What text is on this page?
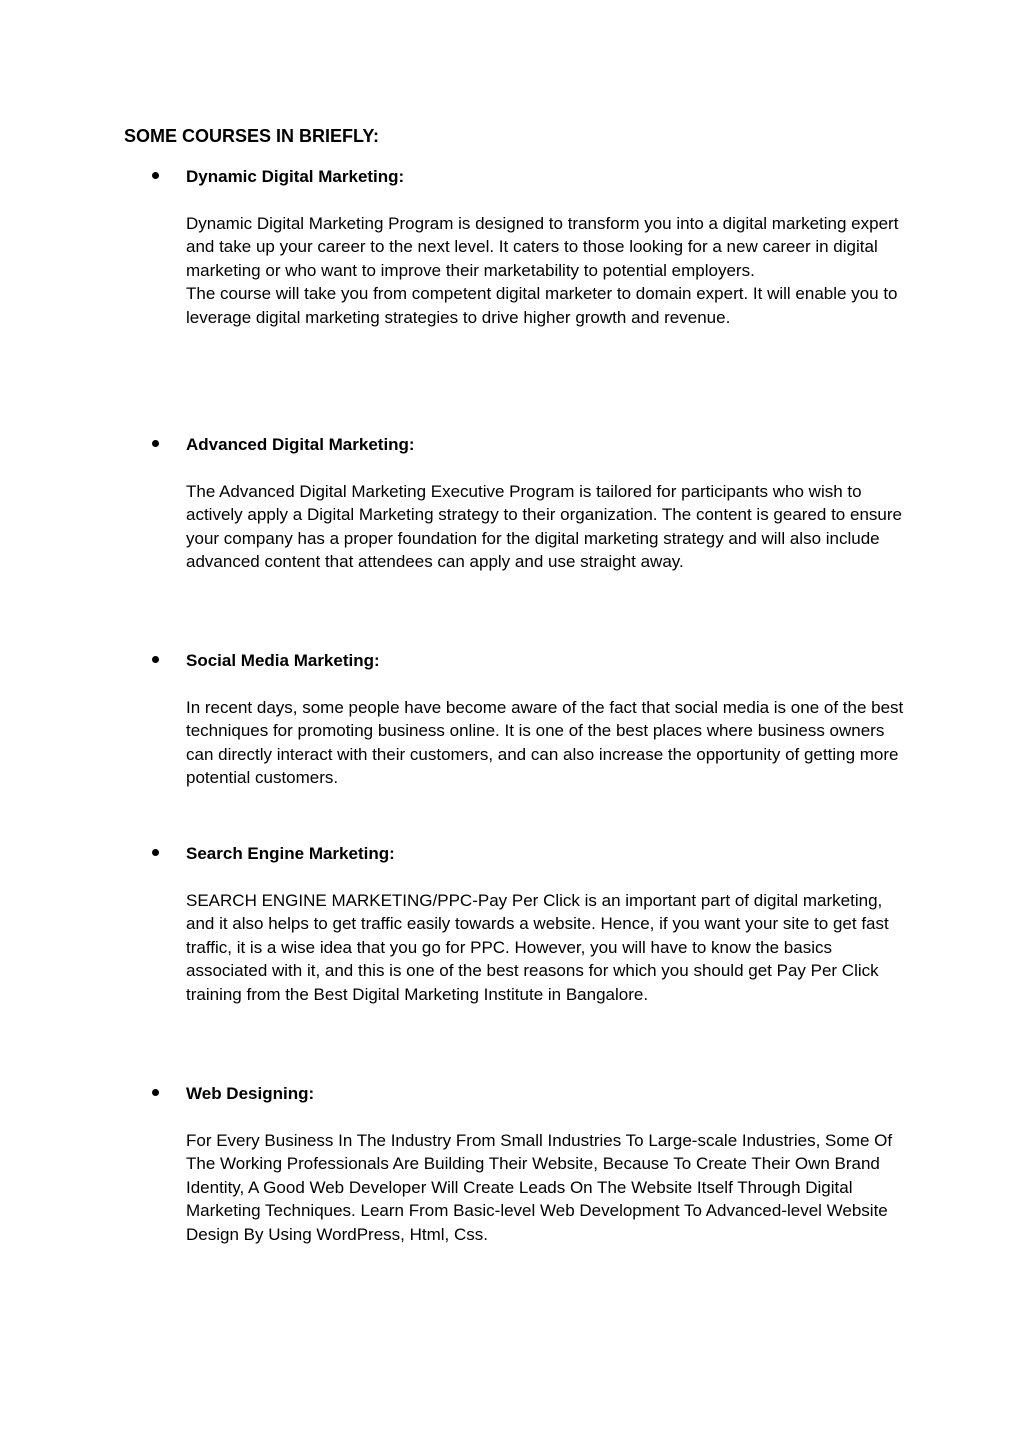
SOME COURSES IN BRIEFLY:
Dynamic Digital Marketing:

Dynamic Digital Marketing Program is designed to transform you into a digital marketing expert and take up your career to the next level. It caters to those looking for a new career in digital marketing or who want to improve their marketability to potential employers.

The course will take you from competent digital marketer to domain expert. It will enable you to leverage digital marketing strategies to drive higher growth and revenue.

Advanced Digital Marketing:

The Advanced Digital Marketing Executive Program is tailored for participants who wish to actively apply a Digital Marketing strategy to their organization. The content is geared to ensure your company has a proper foundation for the digital marketing strategy and will also include advanced content that attendees can apply and use straight away.

Social Media Marketing:

In recent days, some people have become aware of the fact that social media is one of the best techniques for promoting business online. It is one of the best places where business owners can directly interact with their customers, and can also increase the opportunity of getting more potential customers.

Search Engine Marketing:

SEARCH ENGINE MARKETING/PPC-Pay Per Click is an important part of digital marketing, and it also helps to get traffic easily towards a website. Hence, if you want your site to get fast traffic, it is a wise idea that you go for PPC. However, you will have to know the basics associated with it, and this is one of the best reasons for which you should get Pay Per Click training from the Best Digital Marketing Institute in Bangalore.

Web Designing:

For Every Business In The Industry From Small Industries To Large-scale Industries, Some Of The Working Professionals Are Building Their Website, Because To Create Their Own Brand Identity, A Good Web Developer Will Create Leads On The Website Itself Through Digital Marketing Techniques. Learn From Basic-level Web Development To Advanced-level Website Design By Using WordPress, Html, Css.
